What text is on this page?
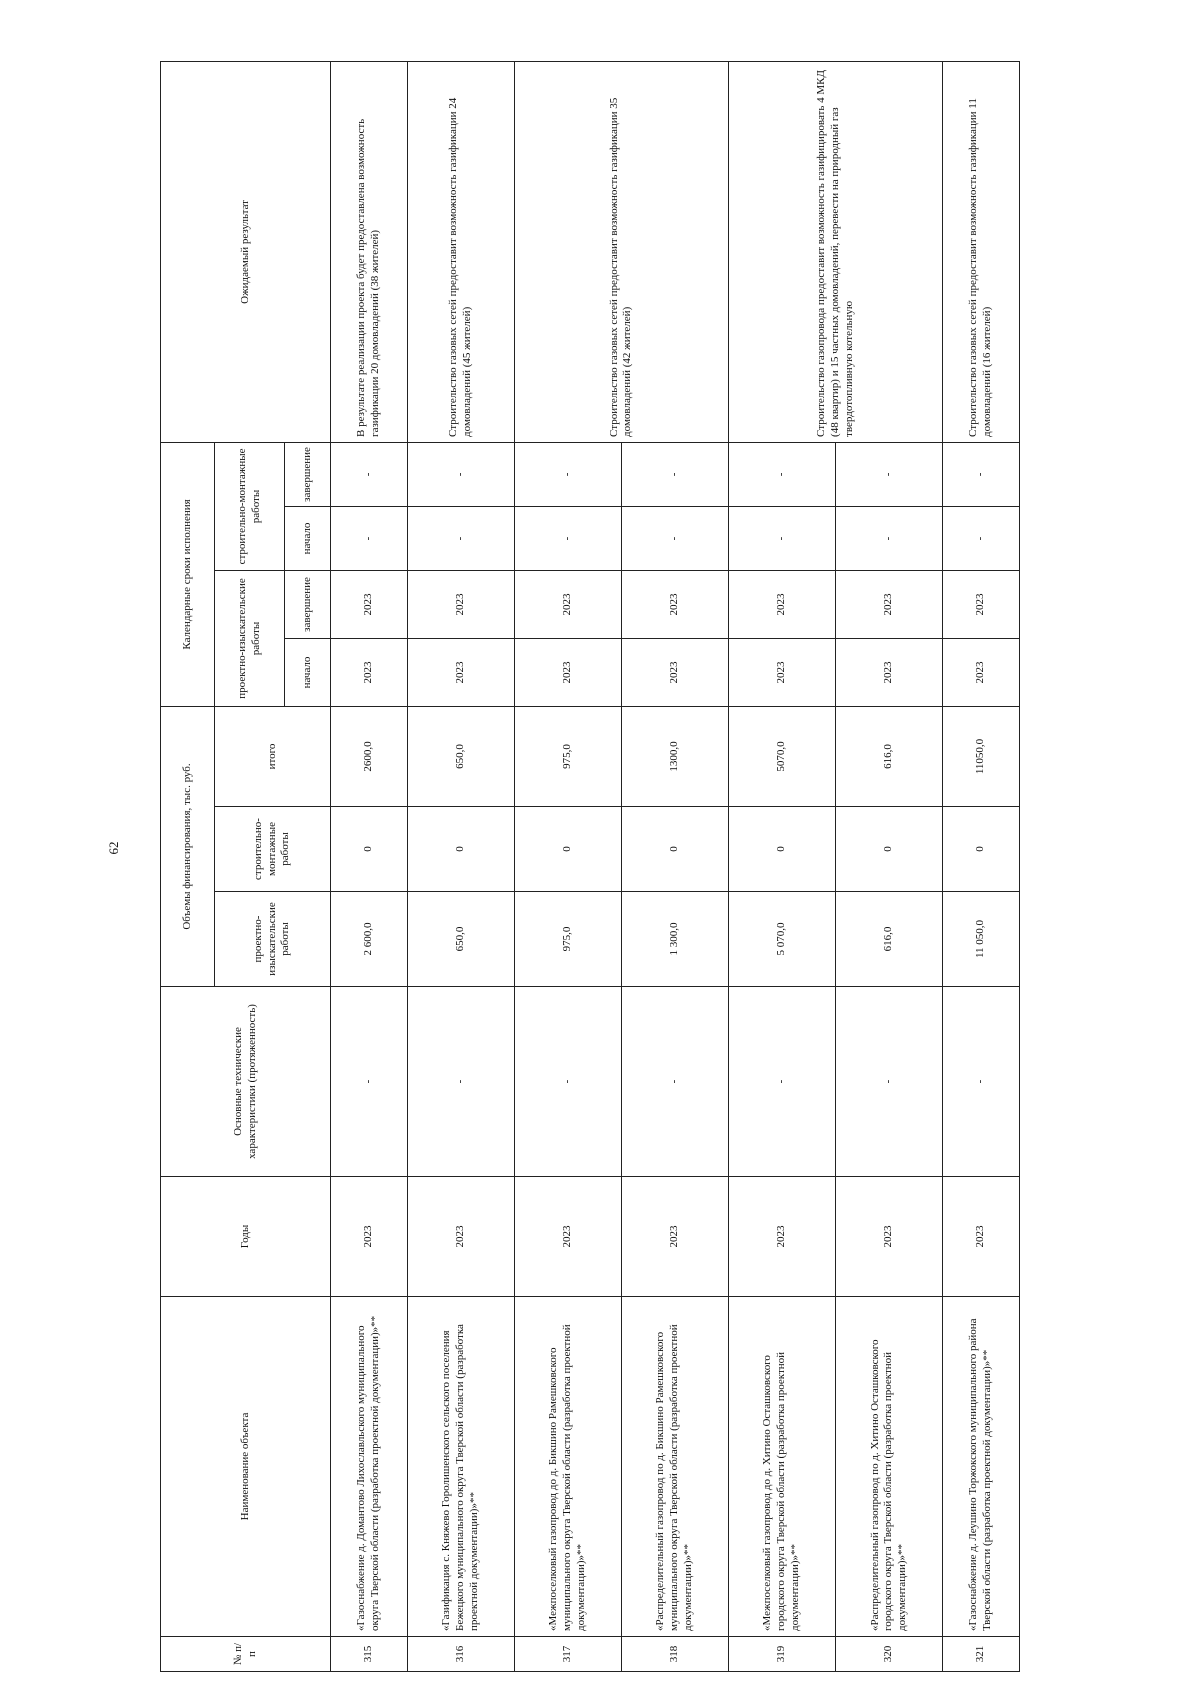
62
№ п/п	Наименование объекта	Годы	Основные технические характеристики (протяженность)	Объемы финансирования, тыс. руб.			Календарные сроки исполнения				Ожидаемый результат
				проектно-изыскательские работы	строительно-монтажные работы	итого	проектно-изыскательские работы		строительно-монтажные работы		
							начало	завершение	начало	завершение	
315	«Газоснабжение д. Домантово Лихославльского муниципального округа Тверской области (разработка проектной документации)»**	2023	-	2 600,0	0	2600,0	2023	2023	-	-	В результате реализации проекта будет предоставлена возможность газификации 20 домовладений (38 жителей)
316	«Газификация с. Княжево Горолишенского сельского поселения Бежецкого муниципального округа Тверской области (разработка проектной документации)»**	2023	-	650,0	0	650,0	2023	2023	-	-	Строительство газовых сетей предоставит возможность газификации 24 домовладений (45 жителей)
317	«Межпоселковый газопровод до д. Бикшино Рамешковского муниципального округа Тверской области (разработка проектной документации)»**	2023	-	975,0	0	975,0	2023	2023	-	-	Строительство газовых сетей предоставит возможность газификации 35 домовладений (42 жителей)
318	«Распределительный газопровод по д. Бикшино Рамешковского муниципального округа Тверской области (разработка проектной документации)»**	2023	-	1 300,0	0	1300,0	2023	2023	-	-	
319	«Межпоселковый газопровод до д. Хитино Осташковского городского округа Тверской области (разработка проектной документации)»**	2023	-	5 070,0	0	5070,0	2023	2023	-	-	Строительство газопровода предоставит возможность газифицировать 4 МКД (48 квартир) и 15 частных домовладений, перевести на природный газ твердотопливную котельную
320	«Распределительный газопровод по д. Хитино Осташковского городского округа Тверской области (разработка проектной документации)»**	2023	-	616,0	0	616,0	2023	2023	-	-	
321	«Газоснабжение д. Леушино Торжокского муниципального района Тверской области (разработка проектной документации)»**	2023	-	11 050,0	0	11050,0	2023	2023	-	-	Строительство газовых сетей предоставит возможность газификации 11 домовладений (16 жителей)
